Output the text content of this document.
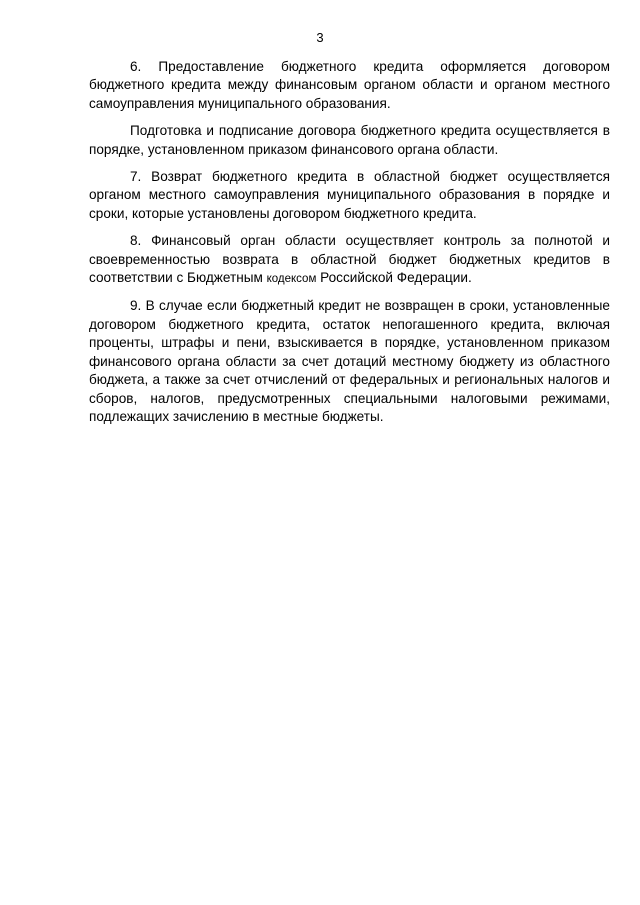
3

6. Предоставление бюджетного кредита оформляется договором бюджетного кредита между финансовым органом области и органом местного самоуправления муниципального образования.

Подготовка и подписание договора бюджетного кредита осуществляется в порядке, установленном приказом финансового органа области.

7. Возврат бюджетного кредита в областной бюджет осуществляется органом местного самоуправления муниципального образования в порядке и сроки, которые установлены договором бюджетного кредита.

8. Финансовый орган области осуществляет контроль за полнотой и своевременностью возврата в областной бюджет бюджетных кредитов в соответствии с Бюджетным кодексом Российской Федерации.

9. В случае если бюджетный кредит не возвращен в сроки, установленные договором бюджетного кредита, остаток непогашенного кредита, включая проценты, штрафы и пени, взыскивается в порядке, установленном приказом финансового органа области за счет дотаций местному бюджету из областного бюджета, а также за счет отчислений от федеральных и региональных налогов и сборов, налогов, предусмотренных специальными налоговыми режимами, подлежащих зачислению в местные бюджеты.
